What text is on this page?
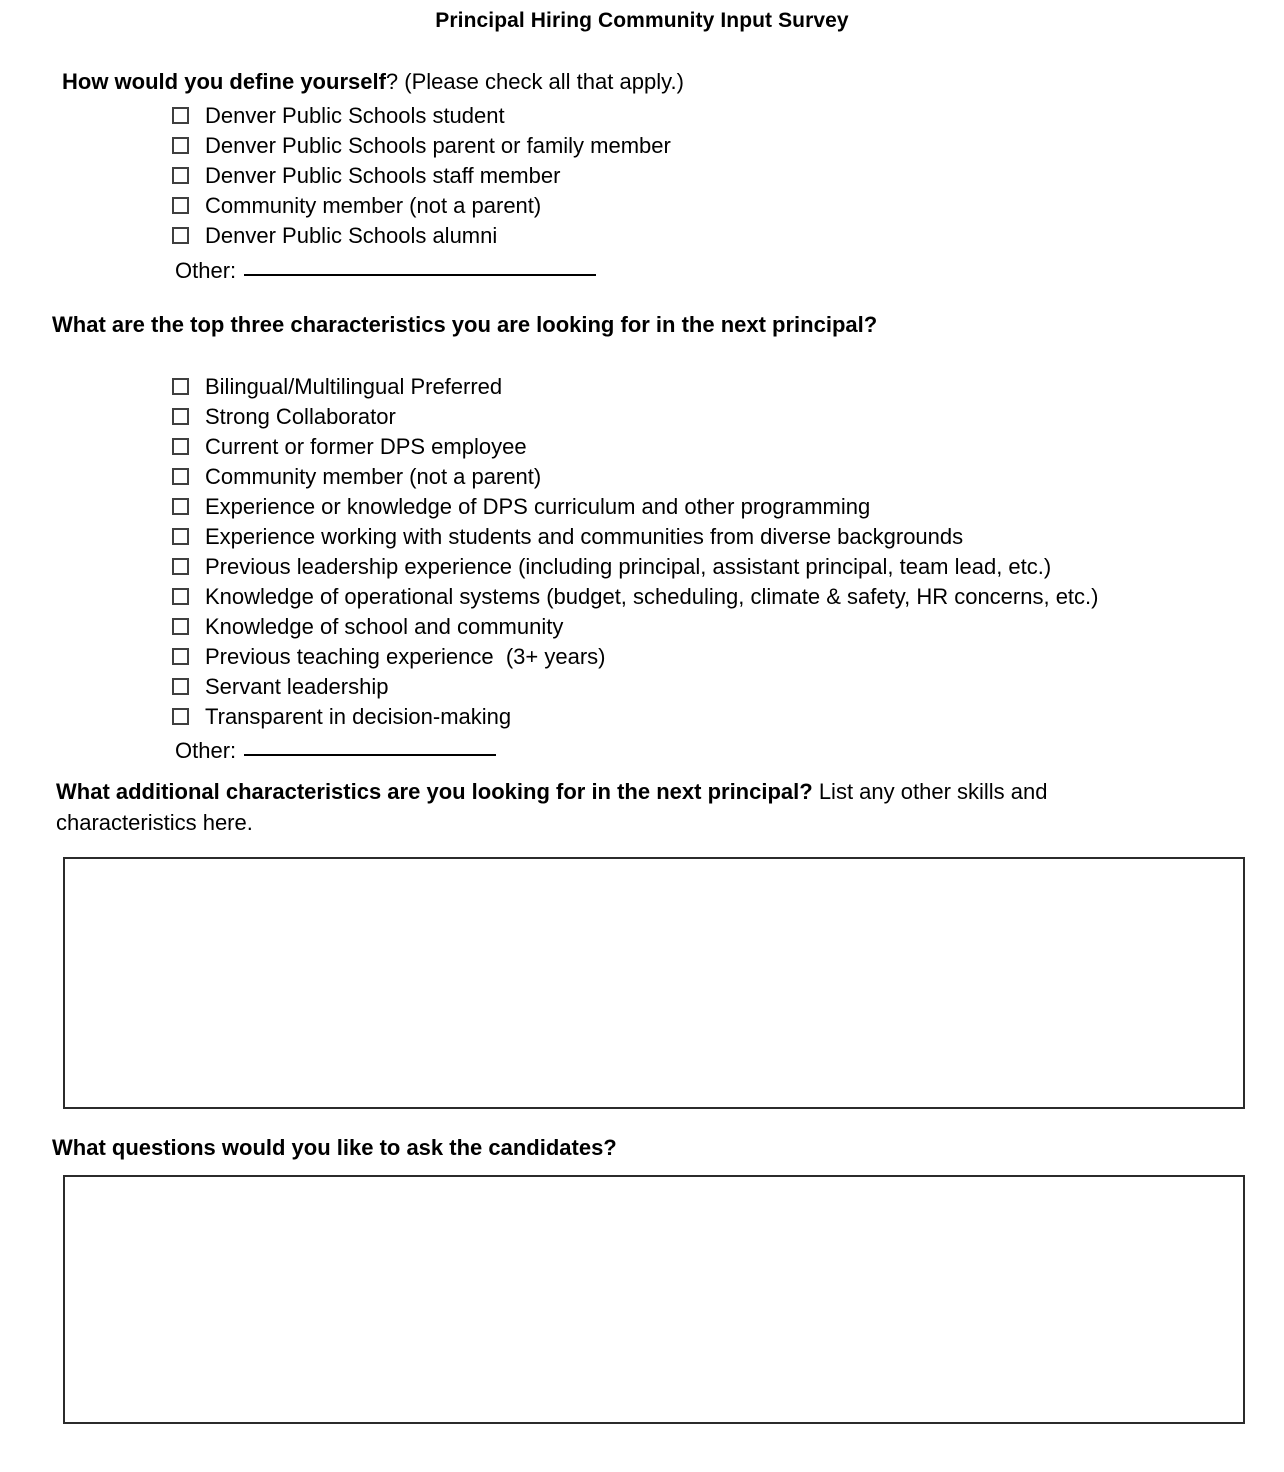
Principal Hiring Community Input Survey
How would you define yourself? (Please check all that apply.)
Denver Public Schools student
Denver Public Schools parent or family member
Denver Public Schools staff member
Community member (not a parent)
Denver Public Schools alumni
Other:
What are the top three characteristics you are looking for in the next principal?
Bilingual/Multilingual Preferred
Strong Collaborator
Current or former DPS employee
Community member (not a parent)
Experience or knowledge of DPS curriculum and other programming
Experience working with students and communities from diverse backgrounds
Previous leadership experience (including principal, assistant principal, team lead, etc.)
Knowledge of operational systems (budget, scheduling, climate & safety, HR concerns, etc.)
Knowledge of school and community
Previous teaching experience  (3+ years)
Servant leadership
Transparent in decision-making
Other:
What additional characteristics are you looking for in the next principal? List any other skills and characteristics here.
What questions would you like to ask the candidates?
